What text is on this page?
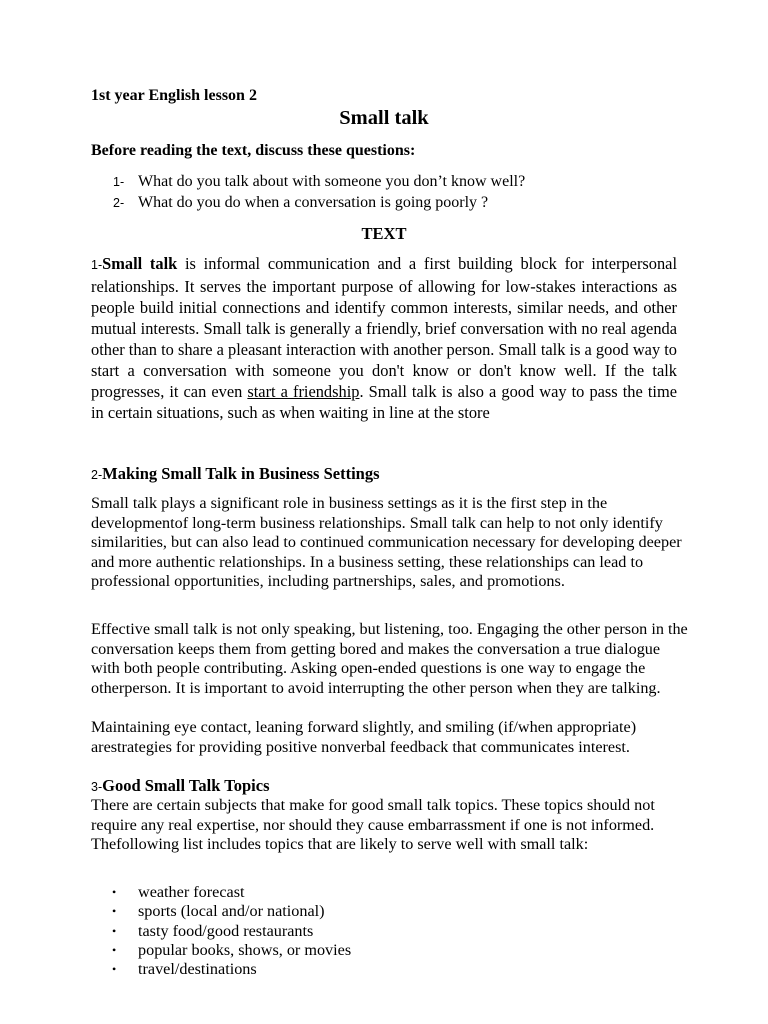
1st year English lesson 2
Small talk
Before reading the text, discuss these questions:
1- What do you talk about with someone you don’t know well?
2- What do you do when a conversation is going poorly ?
TEXT

1-Small talk is informal communication and a first building block for interpersonal relationships. It serves the important purpose of allowing for low-stakes interactions as people build initial connections and identify common interests, similar needs, and other mutual interests. Small talk is generally a friendly, brief conversation with no real agenda other than to share a pleasant interaction with another person. Small talk is a good way to start a conversation with someone you don't know or don't know well. If the talk progresses, it can even start a friendship. Small talk is also a good way to pass the time in certain situations, such as when waiting in line at the store

2-Making Small Talk in Business Settings

Small talk plays a significant role in business settings as it is the first step in the developmentof long-term business relationships. Small talk can help to not only identify similarities, but can also lead to continued communication necessary for developing deeper and more authentic relationships. In a business setting, these relationships can lead to professional opportunities, including partnerships, sales, and promotions.

Effective small talk is not only speaking, but listening, too. Engaging the other person in the conversation keeps them from getting bored and makes the conversation a true dialogue with both people contributing. Asking open-ended questions is one way to engage the otherperson. It is important to avoid interrupting the other person when they are talking.

Maintaining eye contact, leaning forward slightly, and smiling (if/when appropriate) arestrategies for providing positive nonverbal feedback that communicates interest.

3-Good Small Talk Topics

There are certain subjects that make for good small talk topics. These topics should not require any real expertise, nor should they cause embarrassment if one is not informed. Thefollowing list includes topics that are likely to serve well with small talk:

• weather forecast
• sports (local and/or national)
• tasty food/good restaurants
• popular books, shows, or movies
• travel/destinations
